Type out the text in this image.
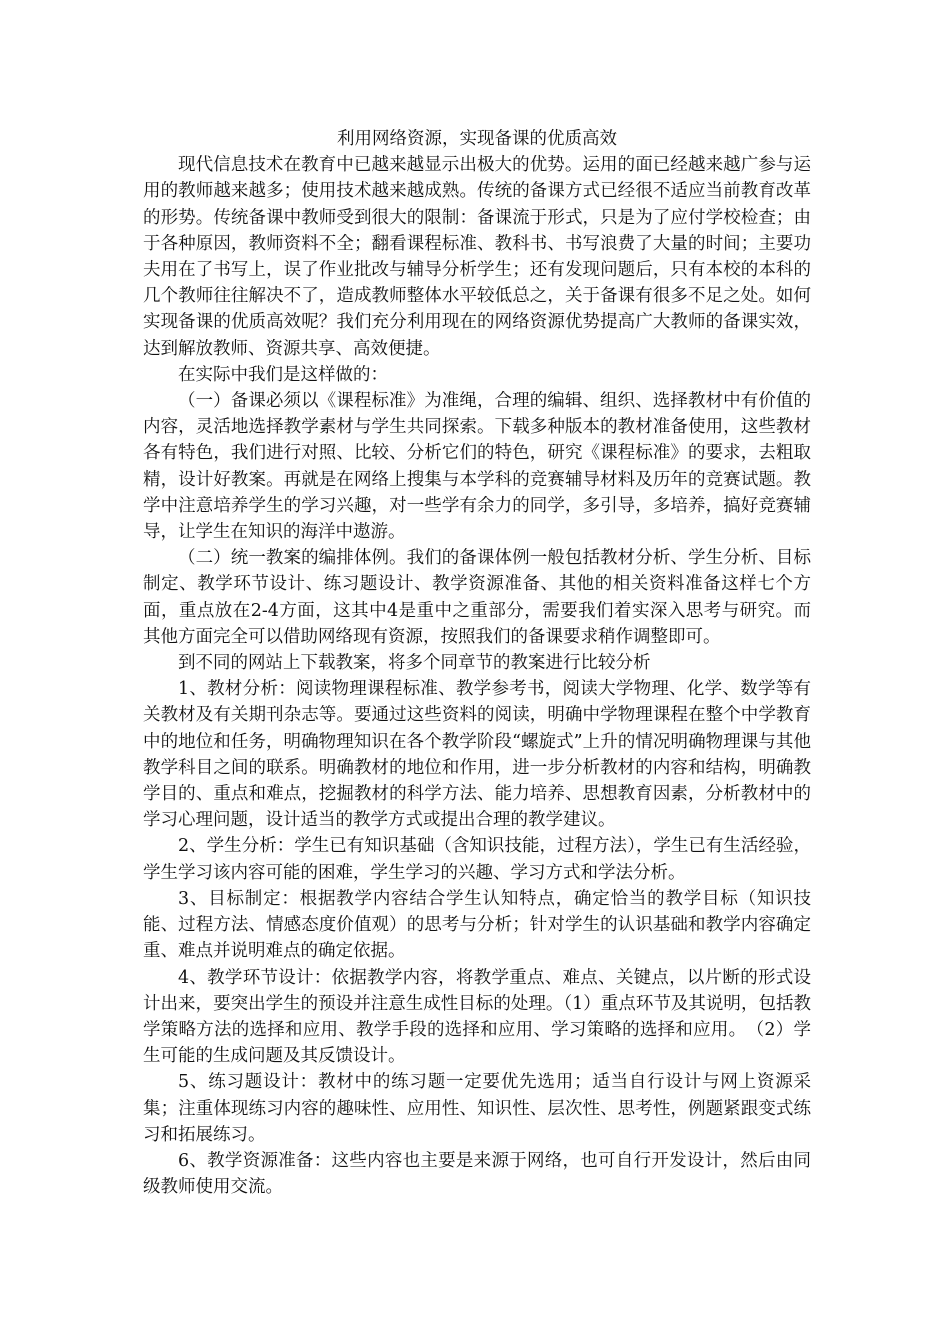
利用网络资源，实现备课的优质高效

现代信息技术在教育中已越来越显示出极大的优势。运用的面已经越来越广参与运用的教师越来越多；使用技术越来越成熟。传统的备课方式已经很不适应当前教育改革的形势。传统备课中教师受到很大的限制：备课流于形式，只是为了应付学校检查；由于各种原因，教师资料不全；翻看课程标准、教科书、书写浪费了大量的时间；主要功夫用在了书写上，误了作业批改与辅导分析学生；还有发现问题后，只有本校的本科的几个教师往往解决不了，造成教师整体水平较低总之，关于备课有很多不足之处。如何实现备课的优质高效呢？我们充分利用现在的网络资源优势提高广大教师的备课实效，达到解放教师、资源共享、高效便捷。

在实际中我们是这样做的：

（一）备课必须以《课程标准》为准绳，合理的编辑、组织、选择教材中有价值的内容，灵活地选择教学素材与学生共同探索。下载多种版本的教材准备使用，这些教材各有特色，我们进行对照、比较、分析它们的特色，研究《课程标准》的要求，去粗取精，设计好教案。再就是在网络上搜集与本学科的竞赛辅导材料及历年的竞赛试题。教学中注意培养学生的学习兴趣，对一些学有余力的同学，多引导，多培养，搞好竞赛辅导，让学生在知识的海洋中遨游。

（二）统一教案的编排体例。我们的备课体例一般包括教材分析、学生分析、目标制定、教学环节设计、练习题设计、教学资源准备、其他的相关资料准备这样七个方面，重点放在2-4方面，这其中4是重中之重部分，需要我们着实深入思考与研究。而其他方面完全可以借助网络现有资源，按照我们的备课要求稍作调整即可。

到不同的网站上下载教案，将多个同章节的教案进行比较分析

1、教材分析：阅读物理课程标准、教学参考书，阅读大学物理、化学、数学等有关教材及有关期刊杂志等。要通过这些资料的阅读，明确中学物理课程在整个中学教育中的地位和任务，明确物理知识在各个教学阶段“螺旋式”上升的情况明确物理课与其他教学科目之间的联系。明确教材的地位和作用，进一步分析教材的内容和结构，明确教学目的、重点和难点，挖掘教材的科学方法、能力培养、思想教育因素，分析教材中的学习心理问题，设计适当的教学方式或提出合理的教学建议。

2、学生分析：学生已有知识基础（含知识技能，过程方法），学生已有生活经验，学生学习该内容可能的困难，学生学习的兴趣、学习方式和学法分析。

3、目标制定：根据教学内容结合学生认知特点，确定恰当的教学目标（知识技能、过程方法、情感态度价值观）的思考与分析；针对学生的认识基础和教学内容确定重、难点并说明难点的确定依据。

4、教学环节设计：依据教学内容，将教学重点、难点、关键点，以片断的形式设计出来，要突出学生的预设并注意生成性目标的处理。（1）重点环节及其说明，包括教学策略方法的选择和应用、教学手段的选择和应用、学习策略的选择和应用。　（2）学生可能的生成问题及其反馈设计。

5、练习题设计：教材中的练习题一定要优先选用；适当自行设计与网上资源采集；注重体现练习内容的趣味性、应用性、知识性、层次性、思考性，例题紧跟变式练习和拓展练习。

6、教学资源准备：这些内容也主要是来源于网络，也可自行开发设计，然后由同级教师使用交流。
